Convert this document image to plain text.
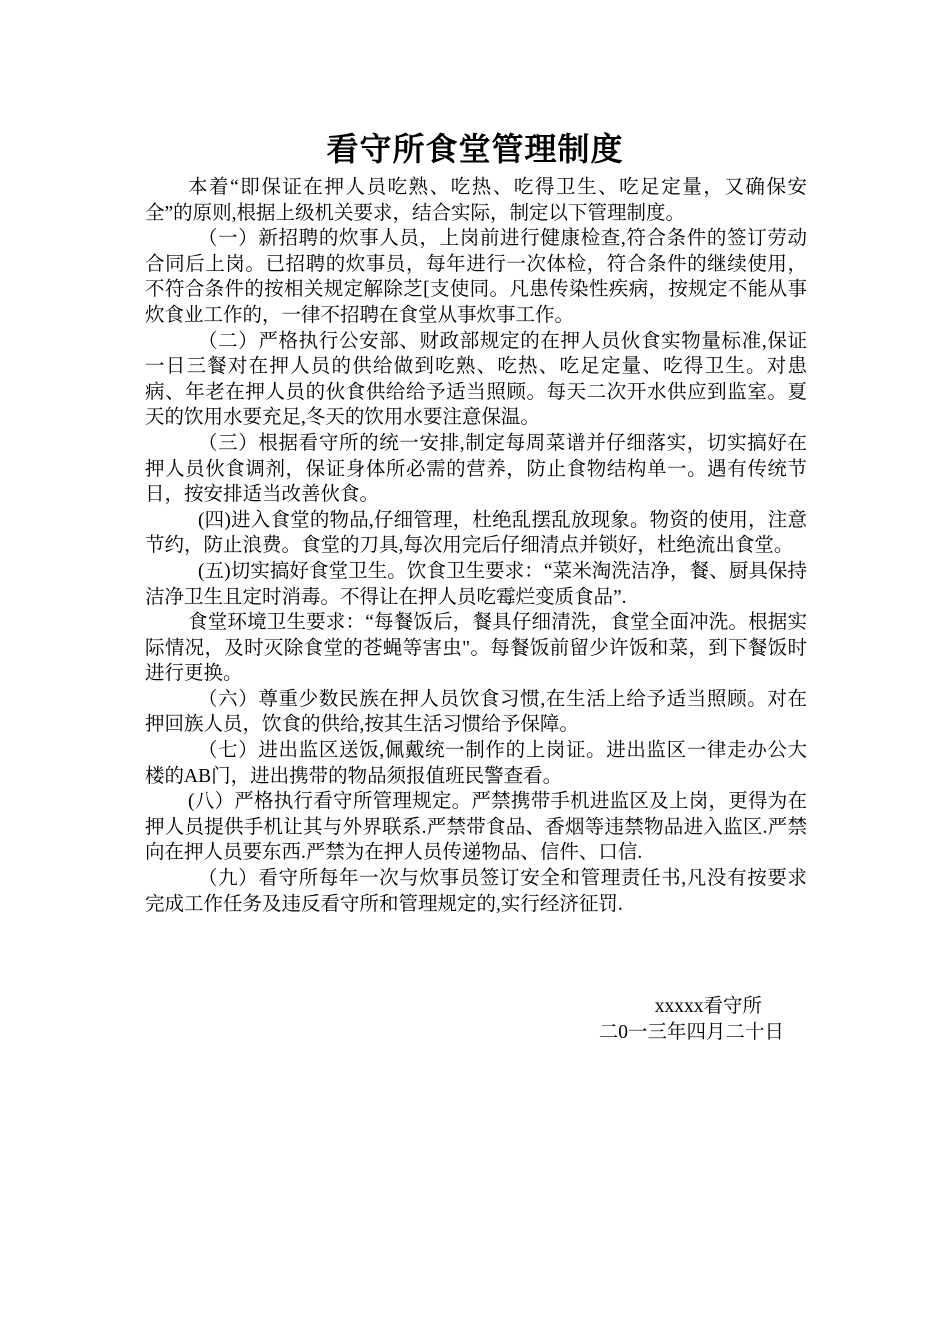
看守所食堂管理制度

本着“即保证在押人员吃熟、吃热、吃得卫生、吃足定量，又确保安全”的原则,根据上级机关要求，结合实际，制定以下管理制度。

（一）新招聘的炊事人员，上岗前进行健康检查,符合条件的签订劳动合同后上岗。已招聘的炊事员，每年进行一次体检，符合条件的继续使用，不符合条件的按相关规定解除芝[支使同。凡患传染性疾病，按规定不能从事炊食业工作的，一律不招聘在食堂从事炊事工作。

（二）严格执行公安部、财政部规定的在押人员伙食实物量标准,保证一日三餐对在押人员的供给做到吃熟、吃热、吃足定量、吃得卫生。对患病、年老在押人员的伙食供给给予适当照顾。每天二次开水供应到监室。夏天的饮用水要充足,冬天的饮用水要注意保温。

（三）根据看守所的统一安排,制定每周菜谱并仔细落实，切实搞好在押人员伙食调剂，保证身体所必需的营养，防止食物结构单一。遇有传统节日，按安排适当改善伙食。

(四)进入食堂的物品,仔细管理，杜绝乱摆乱放现象。物资的使用，注意节约，防止浪费。食堂的刀具,每次用完后仔细清点并锁好，杜绝流出食堂。

(五)切实搞好食堂卫生。饮食卫生要求：“菜米淘洗洁净，餐、厨具保持洁净卫生且定时消毒。不得让在押人员吃霉烂变质食品”.

食堂环境卫生要求：“每餐饭后，餐具仔细清洗，食堂全面冲洗。根据实际情况，及时灭除食堂的苍蝇等害虫"。每餐饭前留少许饭和菜，到下餐饭时进行更换。

（六）尊重少数民族在押人员饮食习惯,在生活上给予适当照顾。对在押回族人员，饮食的供给,按其生活习惯给予保障。

（七）进出监区送饭,佩戴统一制作的上岗证。进出监区一律走办公大楼的AB门，进出携带的物品须报值班民警查看。

(八）严格执行看守所管理规定。严禁携带手机进监区及上岗，更得为在押人员提供手机让其与外界联系.严禁带食品、香烟等违禁物品进入监区.严禁向在押人员要东西.严禁为在押人员传递物品、信件、口信.

（九）看守所每年一次与炊事员签订安全和管理责任书,凡没有按要求完成工作任务及违反看守所和管理规定的,实行经济征罚.

xxxxx看守所
二0一三年四月二十日
